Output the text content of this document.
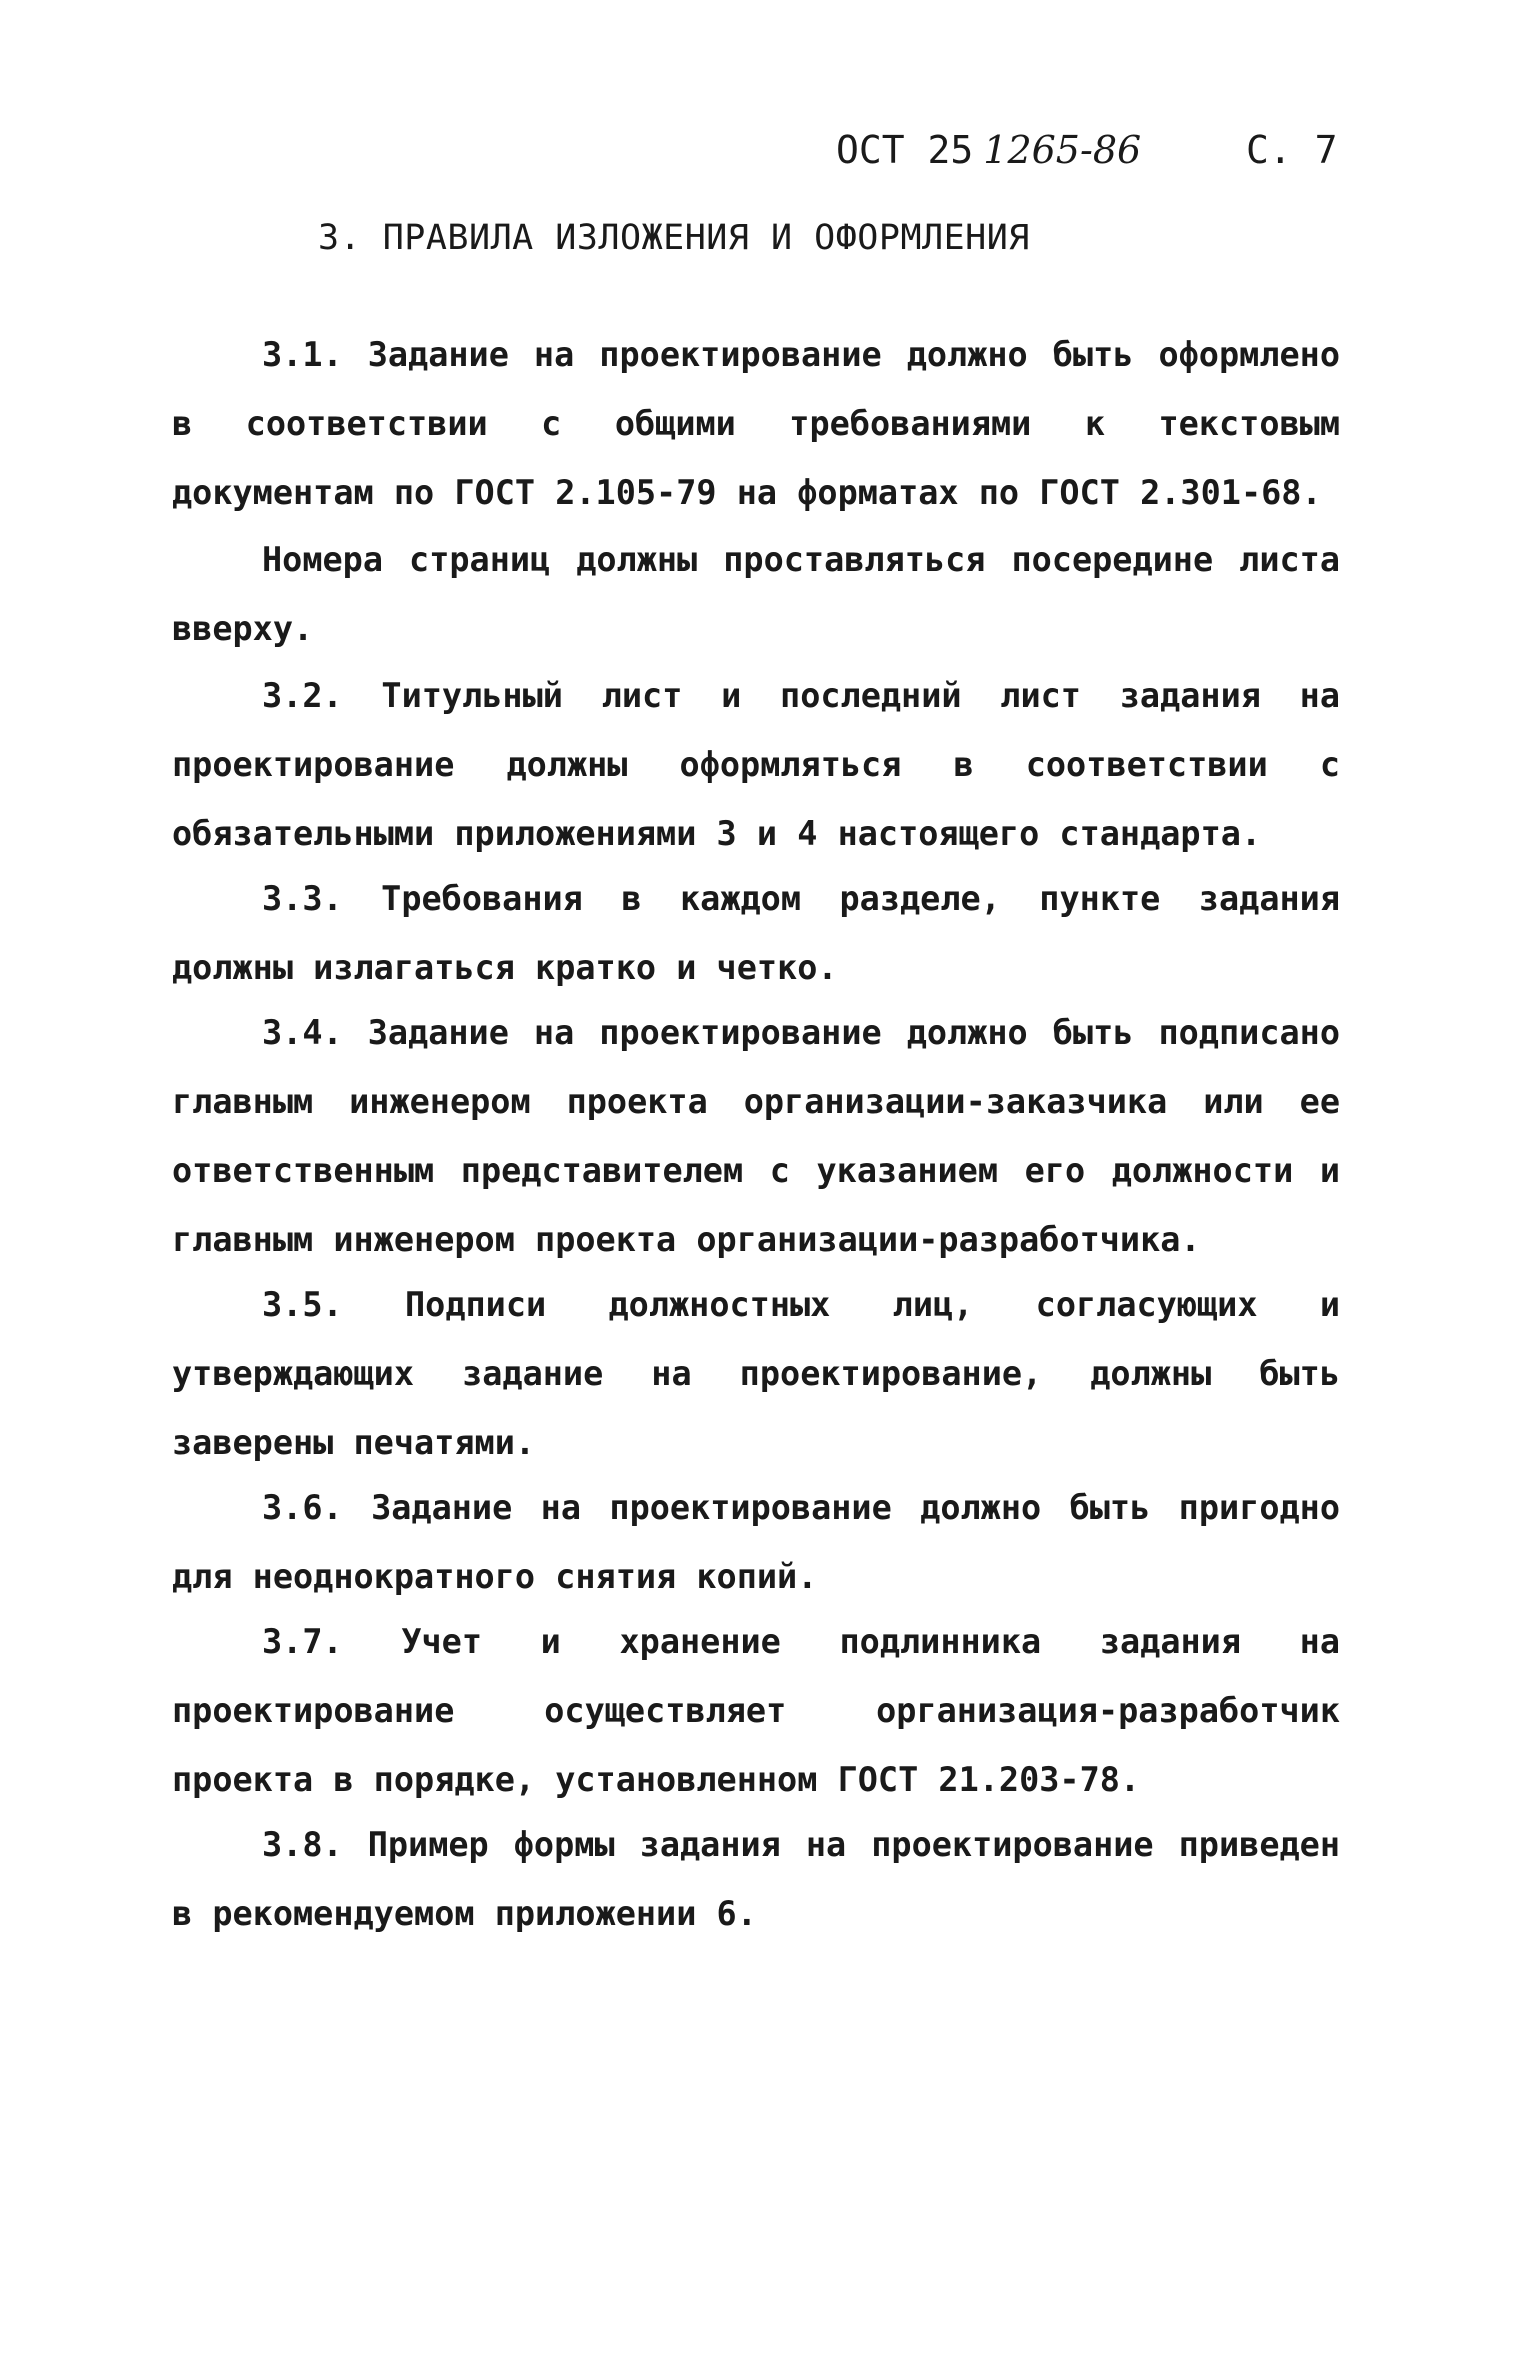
ОСТ 25 1265-86	С. 7
3. ПРАВИЛА ИЗЛОЖЕНИЯ И ОФОРМЛЕНИЯ

3.1. Задание на проектирование должно быть оформлено в соответствии с общими требованиями к текстовым документам по ГОСТ 2.105-79 на форматах по ГОСТ 2.301-68.

Номера страниц должны проставляться посередине листа вверху.

3.2. Титульный лист и последний лист задания на проектирование должны оформляться в соответствии с обязательными приложениями 3 и 4 настоящего стандарта.

3.3. Требования в каждом разделе, пункте задания должны излагаться кратко и четко.

3.4. Задание на проектирование должно быть подписано главным инженером проекта организации-заказчика или ее ответственным представителем с указанием его должности и главным инженером проекта организации-разработчика.

3.5. Подписи должностных лиц, согласующих и утверждающих задание на проектирование, должны быть заверены печатями.

3.6. Задание на проектирование должно быть пригодно для неоднократного снятия копий.

3.7. Учет и хранение подлинника задания на проектирование осуществляет организация-разработчик проекта в порядке, установленном ГОСТ 21.203-78.

3.8. Пример формы задания на проектирование приведен в рекомендуемом приложении 6.
